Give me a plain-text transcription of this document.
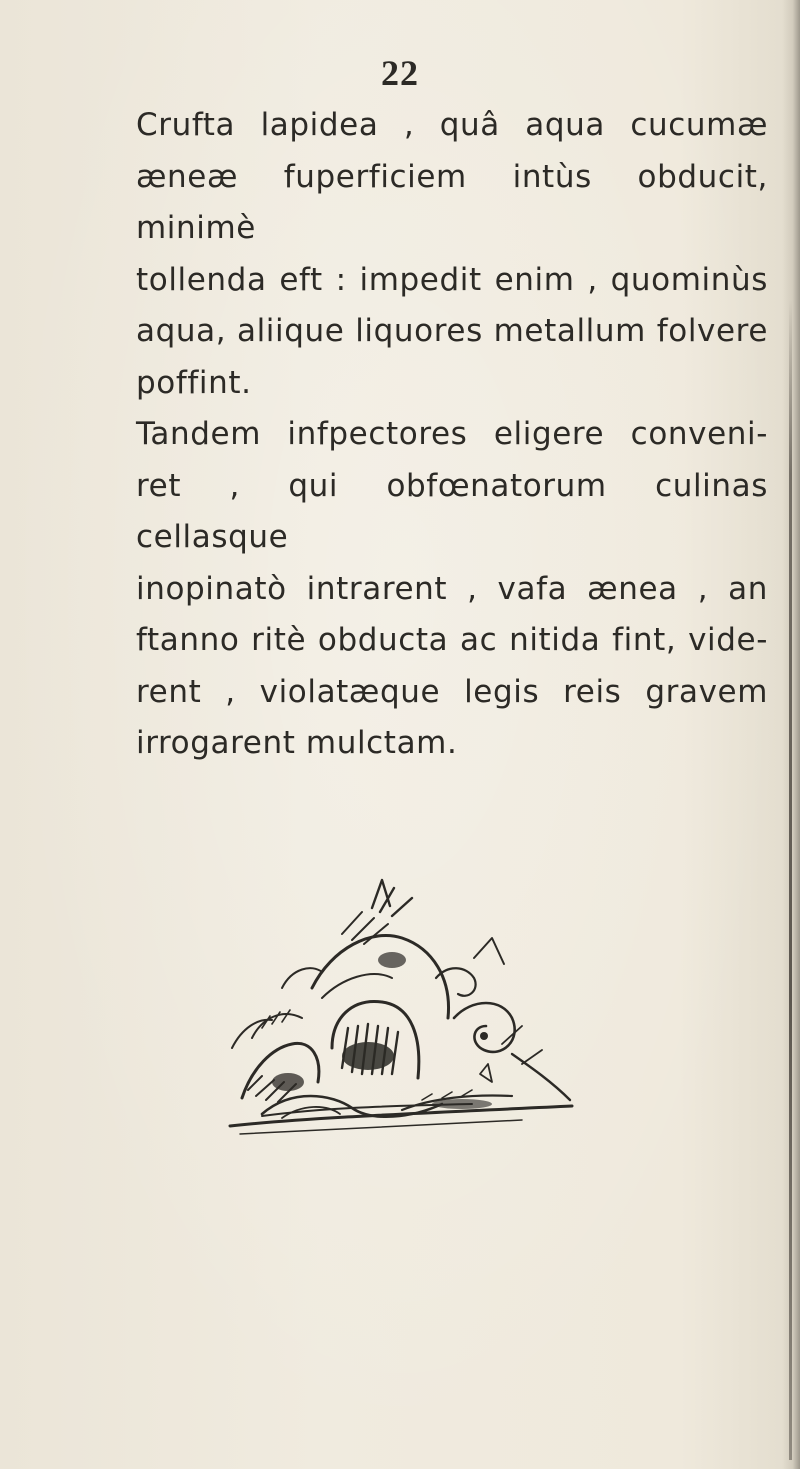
22
Crufta lapidea , quâ aqua cucumæ
æneæ fuperficiem intùs obducit, minimè
tollenda eft : impedit enim , quominùs
aqua, aliique liquores metallum folvere
poffint.
Tandem infpectores eligere conveni-
ret , qui obfœnatorum culinas cellasque
inopinatò intrarent , vafa ænea , an
ftanno ritè obducta ac nitida fint, vide-
rent , violatæque legis reis gravem
irrogarent mulctam.
